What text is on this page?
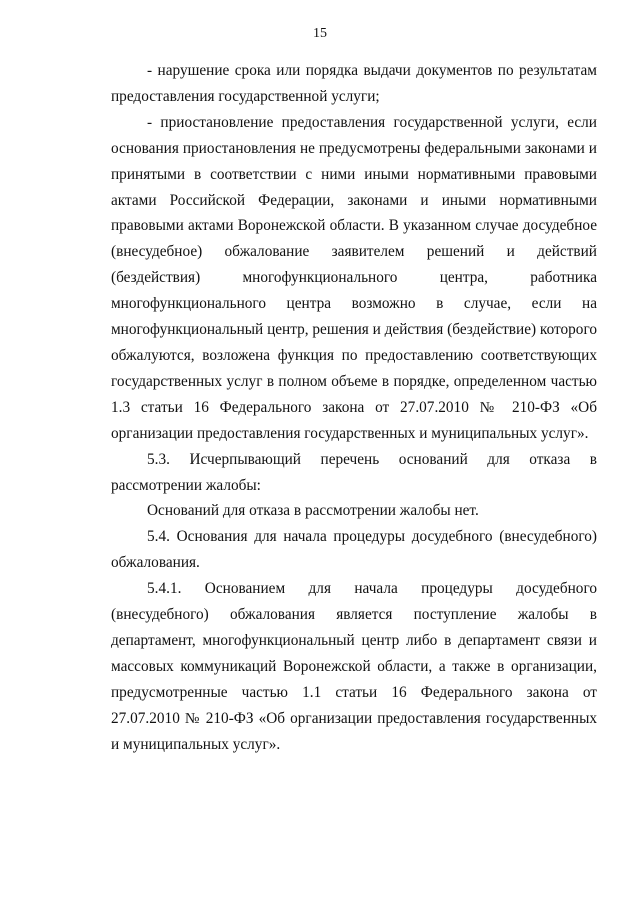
15

- нарушение срока или порядка выдачи документов по результатам предоставления государственной услуги;

- приостановление предоставления государственной услуги, если основания приостановления не предусмотрены федеральными законами и принятыми в соответствии с ними иными нормативными правовыми актами Российской Федерации, законами и иными нормативными правовыми актами Воронежской области. В указанном случае досудебное (внесудебное) обжалование заявителем решений и действий (бездействия) многофункционального центра, работника многофункционального центра возможно в случае, если на многофункциональный центр, решения и действия (бездействие) которого обжалуются, возложена функция по предоставлению соответствующих государственных услуг в полном объеме в порядке, определенном частью 1.3 статьи 16 Федерального закона от 27.07.2010 № 210-ФЗ «Об организации предоставления государственных и муниципальных услуг».

5.3. Исчерпывающий перечень оснований для отказа в рассмотрении жалобы:

Оснований для отказа в рассмотрении жалобы нет.

5.4. Основания для начала процедуры досудебного (внесудебного) обжалования.

5.4.1. Основанием для начала процедуры досудебного (внесудебного) обжалования является поступление жалобы в департамент, многофункциональный центр либо в департамент связи и массовых коммуникаций Воронежской области, а также в организации, предусмотренные частью 1.1 статьи 16 Федерального закона от 27.07.2010 № 210-ФЗ «Об организации предоставления государственных и муниципальных услуг».
